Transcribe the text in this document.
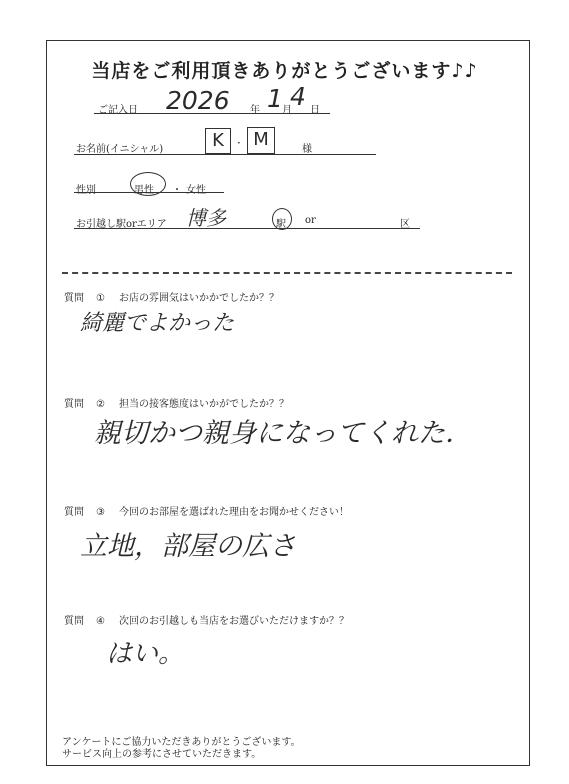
当店をご利用頂きありがとうございます♪♪
ご記入日 2026 年 1 月
4 日
お名前(イニシャル)	K	· M	様
性別	男性 ・ 女性
お引越し駅orエリア 博多	駅 or	区
質問 ① お店の雰囲気はいかかでしたか？？
綺麗でよかった
質問 ② 担当の接客態度はいかがでしたか？？
親切かつ親身になってくれた．
質問 ③ 今回のお部屋を選ばれた理由をお聞かせください！
立地，部屋の広さ
質問 ④ 次回のお引越しも当店をお選びいただけますか？？
はい。
アンケートにご協力いただきありがとうございます。
サービス向上の参考にさせていただきます。
